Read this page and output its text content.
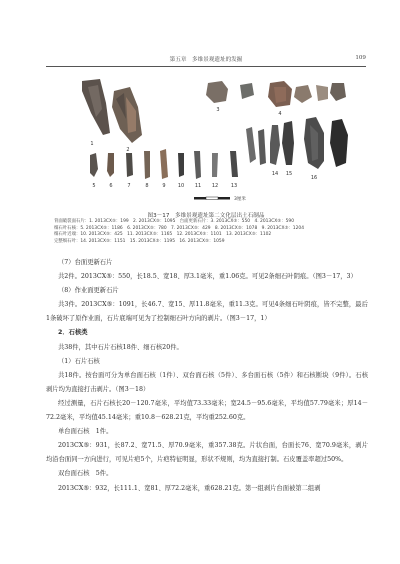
第五章　多维景观遗址的发掘	109
1
2
3
4
5	6	7	8	9 10 11 12	13
14 15
16
3厘米
图3－17　多维景观遗址第二文化层出土石制品
背面破裂面石片：1. 2013CX⑤：199　2. 2013CX⑤：1095　台面更新石片：3. 2013CX⑤：550　4. 2013CX⑤：590
细石叶石核：5. 2013CX⑤：1186　6. 2013CX⑤：780　7. 2013CX⑤：429　8. 2013CX⑤：1078　9. 2013CX⑤：1204
细石叶近端：10. 2013CX⑤：425　11. 2013CX⑤：1165　12. 2013CX⑤：1101　13. 2013CX⑤：1102
完整细石叶：14. 2013CX⑤：1151　15. 2013CX⑤：1195　16. 2013CX⑤：1059

（7）台面更新石片

共2件。2013CX⑤：550，长18.5、宽18、厚3.1毫米，重1.06克。可见2条细石叶阴痕。（图3－17，3）

（8）作业面更新石片

共3件。2013CX⑤：1091，长46.7、宽15、厚11.8毫米，重11.3克。可见4条细石叶阴痕，皆不完整，最后1条破坏了原作业面，石片底端可见为了控制细石叶方向的剥片。（图3－17，1）

2．石核类

共38件，其中石片石核18件、细石核20件。

（1）石片石核

共18件。按台面可分为单台面石核（1件）、双台面石核（5件）、多台面石核（5件）和石核断块（9件）。石核剥片均为直接打击剥片。（图3－18）

经过测量，石片石核长20－120.7毫米，平均值73.33毫米；宽24.5－95.6毫米，平均值57.79毫米；厚14－72.2毫米，平均值45.14毫米；重10.8－628.21克，平均重252.60克。

单台面石核　1件。

2013CX⑤：931，长87.2、宽71.5、厚70.9毫米，重357.38克。片状台面，台面长76、宽70.9毫米，剥片均沿台面同一方向进行，可见片疤5个，片疤特征明显，形状不规则，均为直接打制。石皮覆盖率超过50%。

双台面石核　5件。

2013CX⑤：932，长111.1、宽81、厚72.2毫米，重628.21克。第一组剥片台面被第二组剥
